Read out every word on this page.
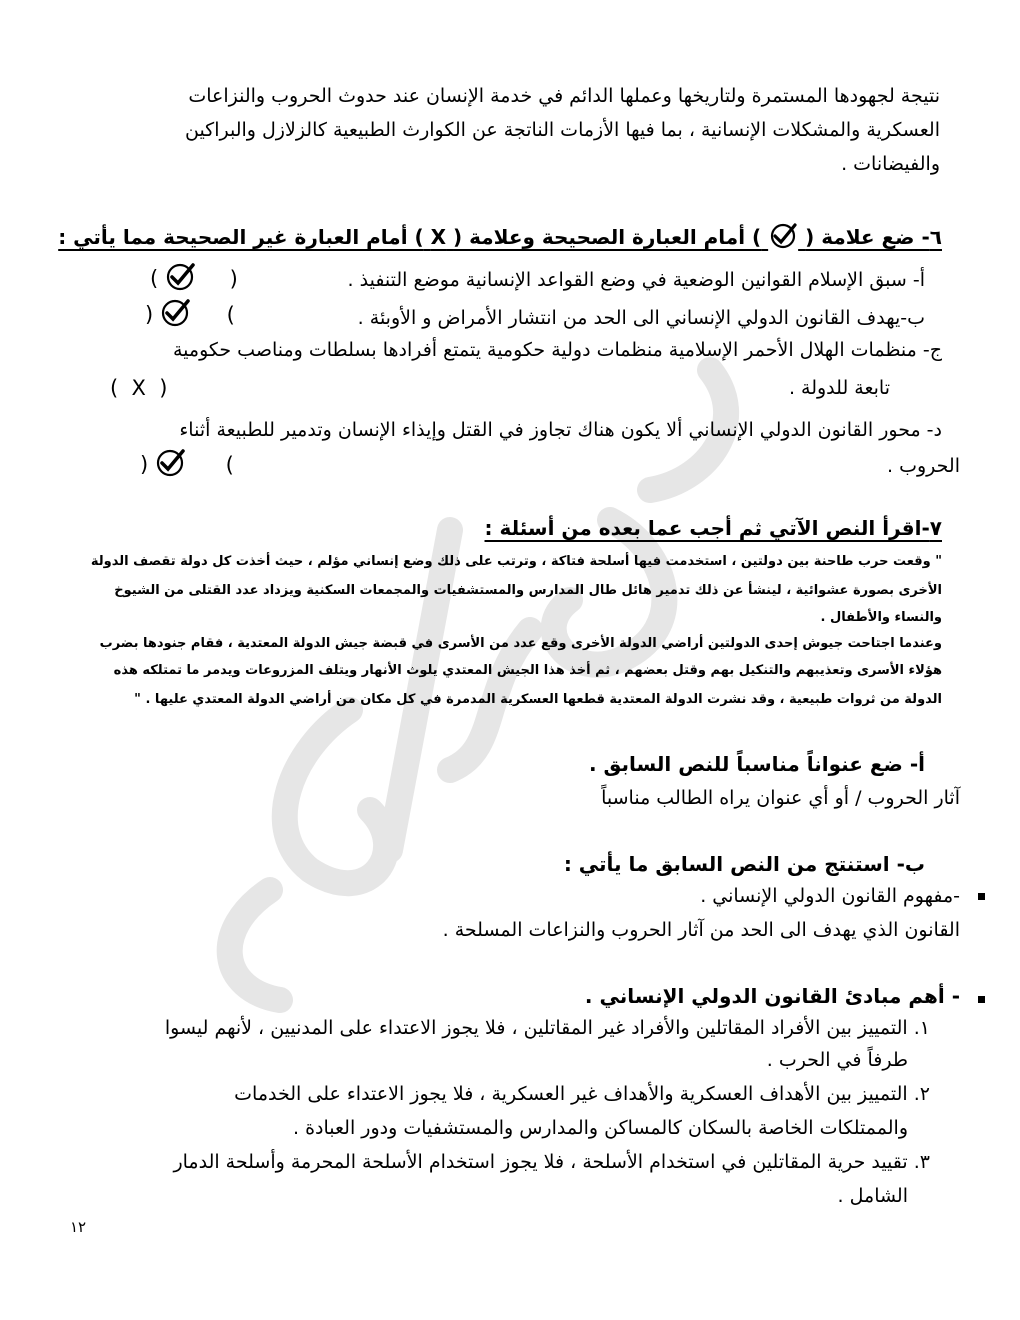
نتيجة لجهودها المستمرة ولتاريخها وعملها الدائم في خدمة الإنسان عند حدوث الحروب والنزاعات
العسكرية والمشكلات الإنسانية ، بما فيها الأزمات الناتجة عن الكوارث الطبيعية كالزلازل والبراكين
والفيضانات .
٦- ضع علامة (  ) أمام العبارة الصحيحة وعلامة ( X ) أمام العبارة غير الصحيحة مما يأتي :
أ- سبق الإسلام القوانين الوضعية في وضع القواعد الإنسانية موضع التنفيذ .
(	)
ب-يهدف القانون الدولي الإنساني الى الحد من انتشار الأمراض و الأوبئة .
)	(
ج- منظمات الهلال الأحمر الإسلامية منظمات دولية حكومية يتمتع أفرادها بسلطات ومناصب حكومية
تابعة للدولة .
(  X  )
د- محور القانون الدولي الإنساني ألا يكون هناك تجاوز في القتل وإيذاء الإنسان وتدمير للطبيعة أثناء
الحروب .
)	(
٧-اقرأ النص الآتي ثم أجب عما بعده من أسئلة :
" وقعت حرب طاحنة بين دولتين ، استخدمت فيها أسلحة فتاكة ، وترتب على ذلك وضع إنساني مؤلم ، حيث أخذت كل دولة تقصف الدولة
الأخرى بصورة عشوائية ، لينشأ عن ذلك تدمير هائل طال المدارس والمستشفيات والمجمعات السكنية ويزداد عدد القتلى من الشيوخ
والنساء والأطفال .
وعندما اجتاحت جيوش إحدى الدولتين أراضي الدولة الأخرى وقع عدد من الأسرى في قبضة جيش الدولة المعتدية ، فقام جنودها بضرب
هؤلاء الأسرى وتعذيبهم والتنكيل بهم وقتل بعضهم ، ثم أخذ هذا الجيش المعتدي يلوث الأنهار ويتلف المزروعات ويدمر ما تمتلكه هذه
الدولة من ثروات طبيعية ، وقد نشرت الدولة المعتدية قطعها العسكرية المدمرة في كل مكان من أراضي الدولة المعتدي عليها . "
أ- ضع عنواناً مناسباً للنص السابق .
آثار الحروب / أو أي عنوان يراه الطالب مناسباً
ب- استنتج من النص السابق ما يأتي :
-مفهوم القانون الدولي الإنساني .
القانون الذي يهدف الى الحد من آثار الحروب والنزاعات المسلحة .
- أهم مبادئ القانون الدولي الإنساني .
١. التمييز بين الأفراد المقاتلين والأفراد غير المقاتلين ، فلا يجوز الاعتداء على المدنيين ، لأنهم ليسوا
طرفاً في الحرب .
٢. التمييز بين الأهداف العسكرية والأهداف غير العسكرية ، فلا يجوز الاعتداء على الخدمات
والممتلكات الخاصة بالسكان كالمساكن والمدارس والمستشفيات ودور العبادة .
٣. تقييد حرية المقاتلين في استخدام الأسلحة ، فلا يجوز استخدام الأسلحة المحرمة وأسلحة الدمار
الشامل .
١٢
